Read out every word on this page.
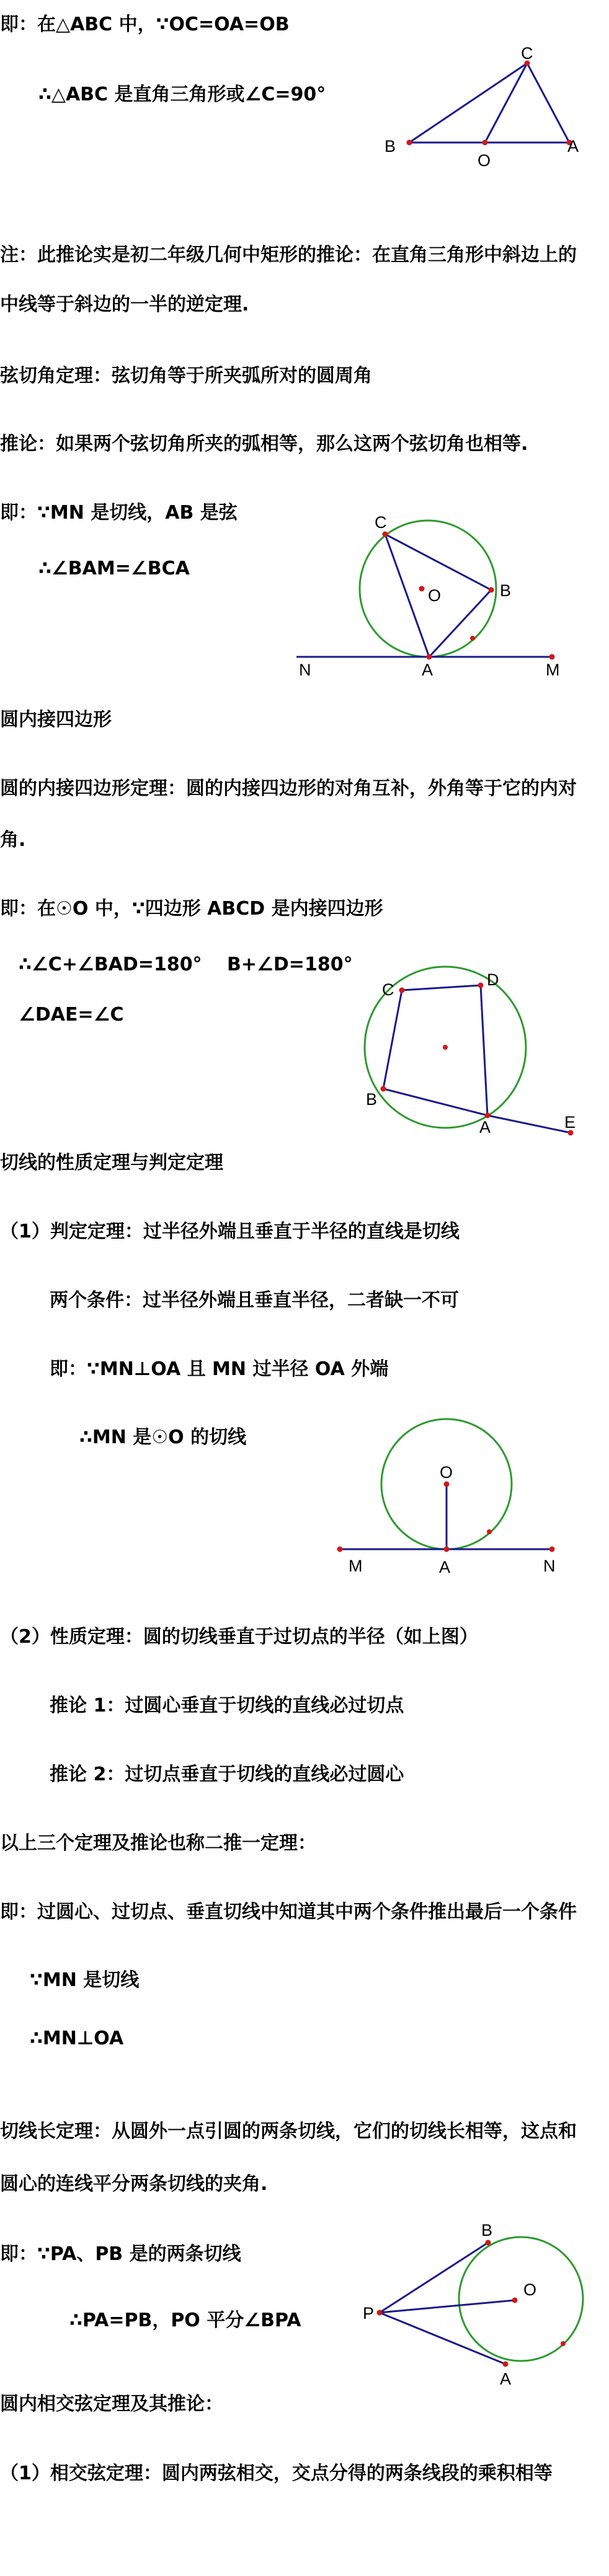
即：在△ABC 中，∵OC=OA=OB
∴△ABC 是直角三角形或∠C=90°
C
B
O
A
注：此推论实是初二年级几何中矩形的推论：在直角三角形中斜边上的
中线等于斜边的一半的逆定理.
弦切角定理：弦切角等于所夹弧所对的圆周角
推论：如果两个弦切角所夹的弧相等，那么这两个弦切角也相等.
即：∵MN 是切线，AB 是弦
∴∠BAM=∠BCA
C
O	B
N	A	M
圆内接四边形
圆的内接四边形定理：圆的内接四边形的对角互补，外角等于它的内对
角.
即：在☉O 中，∵四边形 ABCD 是内接四边形
∴∠C+∠BAD=180°　 B+∠D=180°
∠DAE=∠C
C
D
B
A	E
切线的性质定理与判定定理
（1）判定定理：过半径外端且垂直于半径的直线是切线
两个条件：过半径外端且垂直半径，二者缺一不可
即：∵MN⊥OA 且 MN 过半径 OA 外端
∴MN 是☉O 的切线
O
M	A	N
（2）性质定理：圆的切线垂直于过切点的半径（如上图）
推论 1：过圆心垂直于切线的直线必过切点
推论 2：过切点垂直于切线的直线必过圆心
以上三个定理及推论也称二推一定理：
即：过圆心、过切点、垂直切线中知道其中两个条件推出最后一个条件
∵MN 是切线
∴MN⊥OA
切线长定理：从圆外一点引圆的两条切线，它们的切线长相等，这点和
圆心的连线平分两条切线的夹角.
即：∵PA、PB 是的两条切线
∴PA=PB，PO 平分∠BPA
B
O
P
A
圆内相交弦定理及其推论：
（1）相交弦定理：圆内两弦相交，交点分得的两条线段的乘积相等
